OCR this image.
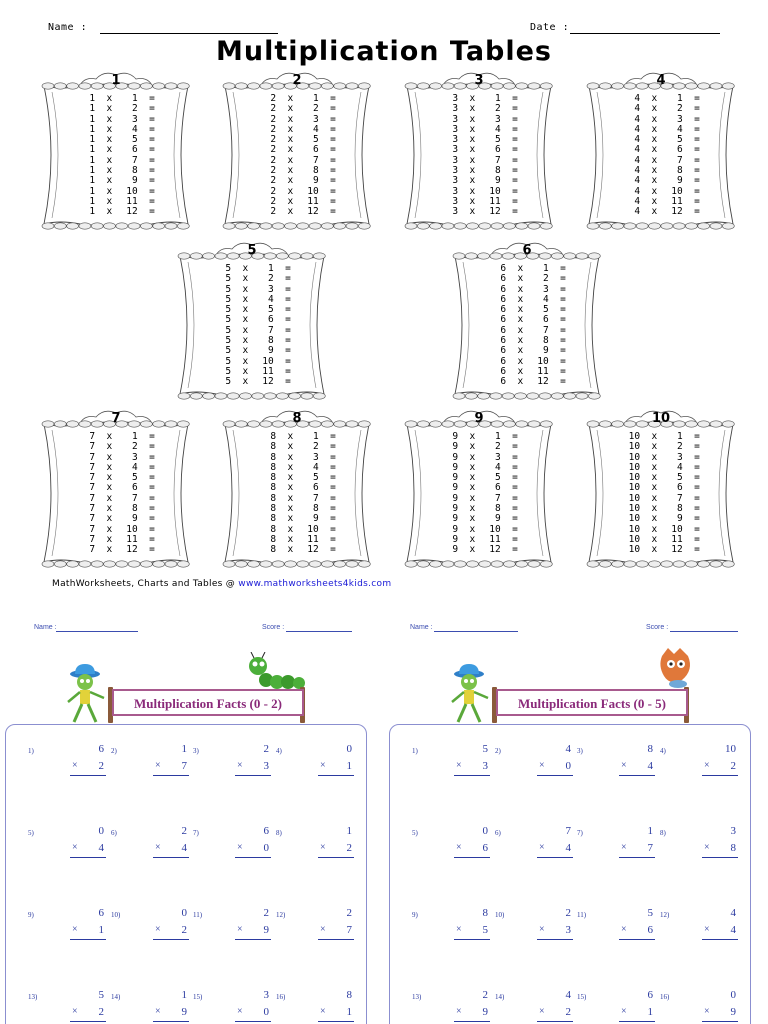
Name :	Date :
Multiplication Tables
1
1 x 1 =
1 x 2 =
1 x 3 =
1 x 4 =
1 x 5 =
1 x 6 =
1 x 7 =
1 x 8 =
1 x 9 =
1 x 10 =
1 x 11 =
1 x 12 =
2
2 x 1 =
2 x 2 =
2 x 3 =
2 x 4 =
2 x 5 =
2 x 6 =
2 x 7 =
2 x 8 =
2 x 9 =
2 x 10 =
2 x 11 =
2 x 12 =
3
3 x 1 =
3 x 2 =
3 x 3 =
3 x 4 =
3 x 5 =
3 x 6 =
3 x 7 =
3 x 8 =
3 x 9 =
3 x 10 =
3 x 11 =
3 x 12 =
4
4 x 1 =
4 x 2 =
4 x 3 =
4 x 4 =
4 x 5 =
4 x 6 =
4 x 7 =
4 x 8 =
4 x 9 =
4 x 10 =
4 x 11 =
4 x 12 =
5
5 x 1 =
5 x 2 =
5 x 3 =
5 x 4 =
5 x 5 =
5 x 6 =
5 x 7 =
5 x 8 =
5 x 9 =
5 x 10 =
5 x 11 =
5 x 12 =
6
6 x 1 =
6 x 2 =
6 x 3 =
6 x 4 =
6 x 5 =
6 x 6 =
6 x 7 =
6 x 8 =
6 x 9 =
6 x 10 =
6 x 11 =
6 x 12 =
7
7 x 1 =
7 x 2 =
7 x 3 =
7 x 4 =
7 x 5 =
7 x 6 =
7 x 7 =
7 x 8 =
7 x 9 =
7 x 10 =
7 x 11 =
7 x 12 =
8
8 x 1 =
8 x 2 =
8 x 3 =
8 x 4 =
8 x 5 =
8 x 6 =
8 x 7 =
8 x 8 =
8 x 9 =
8 x 10 =
8 x 11 =
8 x 12 =
9
9 x 1 =
9 x 2 =
9 x 3 =
9 x 4 =
9 x 5 =
9 x 6 =
9 x 7 =
9 x 8 =
9 x 9 =
9 x 10 =
9 x 11 =
9 x 12 =
10
10 x 1 =
10 x 2 =
10 x 3 =
10 x 4 =
10 x 5 =
10 x 6 =
10 x 7 =
10 x 8 =
10 x 9 =
10 x 10 =
10 x 11 =
10 x 12 =
MathWorksheets, Charts and Tables @ www.mathworksheets4kids.com
Name :	Score :
Multiplication Facts (0 - 2)
1)	6
× 2
2)	1
× 7
3)	2
× 3
4)	0
× 1
5)	0
× 4
6)	2
× 4
7)	6
× 0
8)	1
× 2
9)	6
× 1
10)	0
× 2
11)	2
× 9
12)	2
× 7
13)	5
× 2
14)	1
× 9
15)	3
× 0
16)	8
× 1
Name :	Score :
Multiplication Facts (0 - 5)
1)	5
× 3
2)	4
× 0
3)	8
× 4
4)	10
× 2
5)	0
× 6
6)	7
× 4
7)	1
× 7
8)	3
× 8
9)	8
× 5
10)	2
× 3
11)	5
× 6
12)	4
× 4
13)	2
× 9
14)	4
× 2
15)	6
× 1
16)	0
× 9
